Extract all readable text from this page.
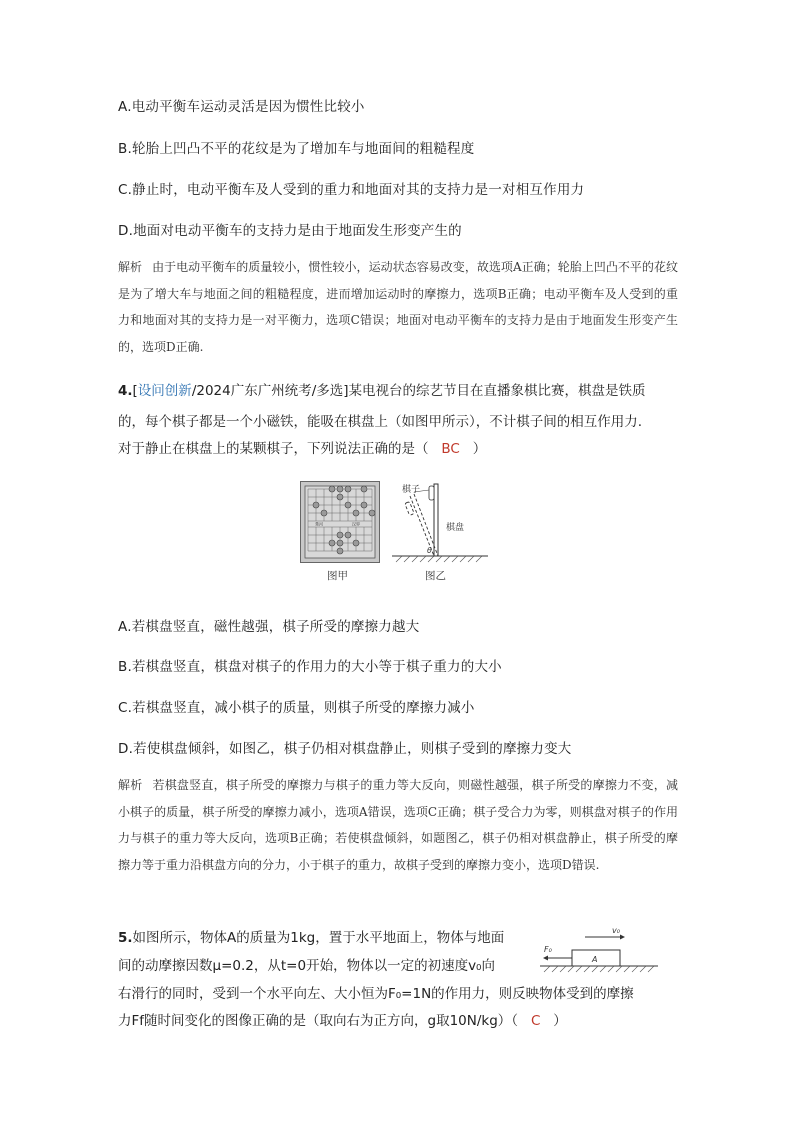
A.电动平衡车运动灵活是因为惯性比较小
B.轮胎上凹凸不平的花纹是为了增加车与地面间的粗糙程度
C.静止时，电动平衡车及人受到的重力和地面对其的支持力是一对相互作用力
D.地面对电动平衡车的支持力是由于地面发生形变产生的
解析 由于电动平衡车的质量较小，惯性较小，运动状态容易改变，故选项A正确；轮胎上凹凸不平的花纹是为了增大车与地面之间的粗糙程度，进而增加运动时的摩擦力，选项B正确；电动平衡车及人受到的重力和地面对其的支持力是一对平衡力，选项C错误；地面对电动平衡车的支持力是由于地面发生形变产生的，选项D正确.
4.[设问创新/2024广东广州统考/多选]某电视台的综艺节目在直播象棋比赛，棋盘是铁质
的，每个棋子都是一个小磁铁，能吸在棋盘上（如图甲所示），不计棋子间的相互作用力.
对于静止在棋盘上的某颗棋子，下列说法正确的是（ BC ）
楚河	汉界
图甲
棋子
棋盘
θ
图乙
A.若棋盘竖直，磁性越强，棋子所受的摩擦力越大
B.若棋盘竖直，棋盘对棋子的作用力的大小等于棋子重力的大小
C.若棋盘竖直，减小棋子的质量，则棋子所受的摩擦力减小
D.若使棋盘倾斜，如图乙，棋子仍相对棋盘静止，则棋子受到的摩擦力变大
解析 若棋盘竖直，棋子所受的摩擦力与棋子的重力等大反向，则磁性越强，棋子所受的摩擦力不变，减小棋子的质量，棋子所受的摩擦力减小，选项A错误，选项C正确；棋子受合力为零，则棋盘对棋子的作用力与棋子的重力等大反向，选项B正确；若使棋盘倾斜，如题图乙，棋子仍相对棋盘静止，棋子所受的摩擦力等于重力沿棋盘方向的分力，小于棋子的重力，故棋子受到的摩擦力变小，选项D错误.
5.如图所示，物体A的质量为1kg，置于水平地面上，物体与地面
间的动摩擦因数μ=0.2，从t=0开始，物体以一定的初速度v₀向
右滑行的同时，受到一个水平向左、大小恒为F₀=1N的作用力，则反映物体受到的摩擦
力Ff随时间变化的图像正确的是（取向右为正方向，g取10N/kg）（ C ）
v₀
A
F₀
